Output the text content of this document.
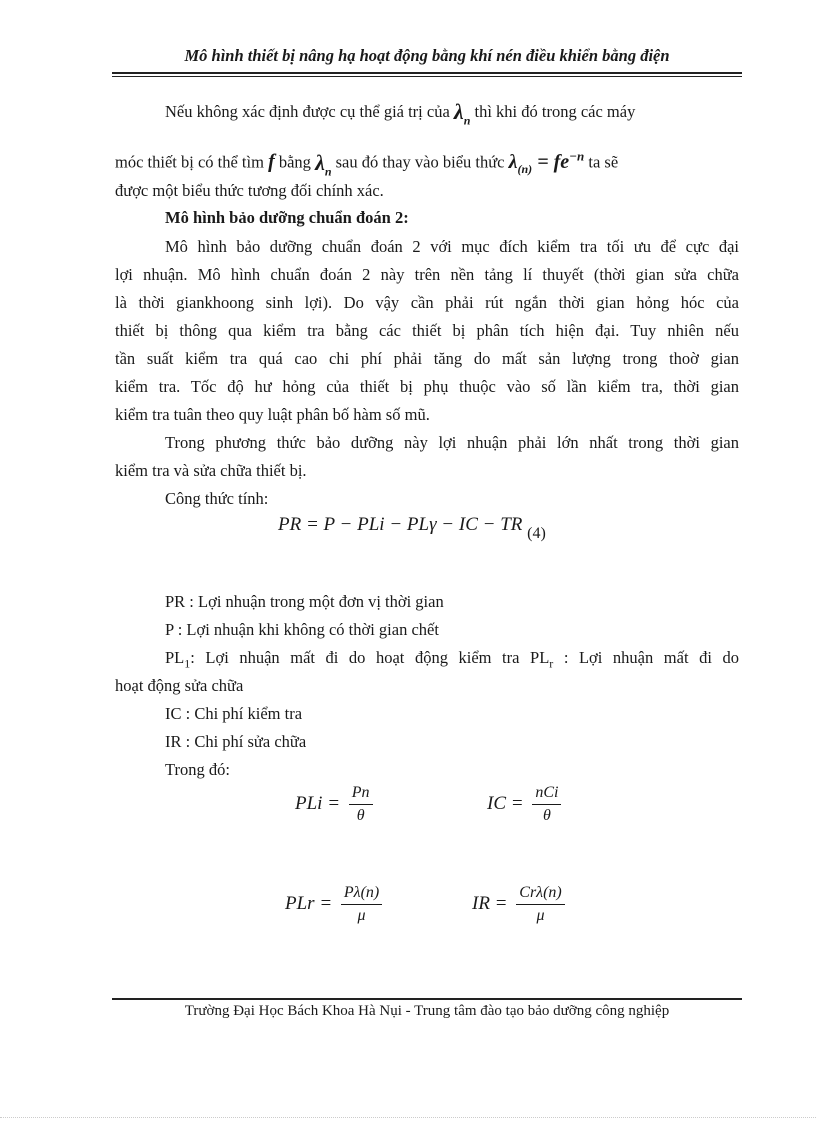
Mô hình thiết bị nâng hạ hoạt động bằng khí nén điều khiển bằng điện
Nếu không xác định được cụ thể giá trị của $\lambda_n$ thì khi đó trong các máy
móc thiết bị có thể tìm f bằng $\lambda_n$ sau đó thay vào biểu thức $\lambda_{(n)} = fe^{-n}$ ta sẽ
được một biểu thức tương đối chính xác.
Mô hình bảo dưỡng chuẩn đoán 2:
Mô hình bảo dưỡng chuẩn đoán 2 với mục đích kiểm tra tối ưu để cực đại
lợi nhuận. Mô hình chuẩn đoán 2 này trên nền tảng lí thuyết (thời gian sửa chữa
là thời giankhoong sinh lợi). Do vậy cần phải rút ngắn thời gian hỏng hóc của
thiết bị thông qua kiểm tra bằng các thiết bị phân tích hiện đại. Tuy nhiên nếu
tần suất kiểm tra quá cao chi phí phải tăng do mất sản lượng trong thoờ gian
kiểm tra. Tốc độ hư hỏng của thiết bị phụ thuộc vào số lần kiểm tra, thời gian
kiểm tra tuân theo quy luật phân bố hàm số mũ.
Trong phương thức bảo dưỡng này lợi nhuận phải lớn nhất trong thời gian
kiểm tra và sửa chữa thiết bị.
Công thức tính:
PR = P − PLi − PLγ − IC − TR $_{(4)}$
PR : Lợi nhuận trong một đơn vị thời gian
P : Lợi nhuận khi không có thời gian chết
$PL_1$: Lợi nhuận mất đi do hoạt động kiểm tra $PL_r$ : Lợi nhuận mất đi do
hoạt động sửa chữa
IC : Chi phí kiểm tra
IR : Chi phí sửa chữa
Trong đó:
PLi = $\frac{Pn}{\theta}$	IC = $\frac{\text{nCi}}{\theta}$
PLr = $\frac{P\lambda(n)}{\mu}$	IR = $\frac{\text{Crλ(n)}}{\mu}$
Trường Đại Học Bách Khoa Hà Nụi - Trung tâm đào tạo bảo dưỡng công nghiệp
